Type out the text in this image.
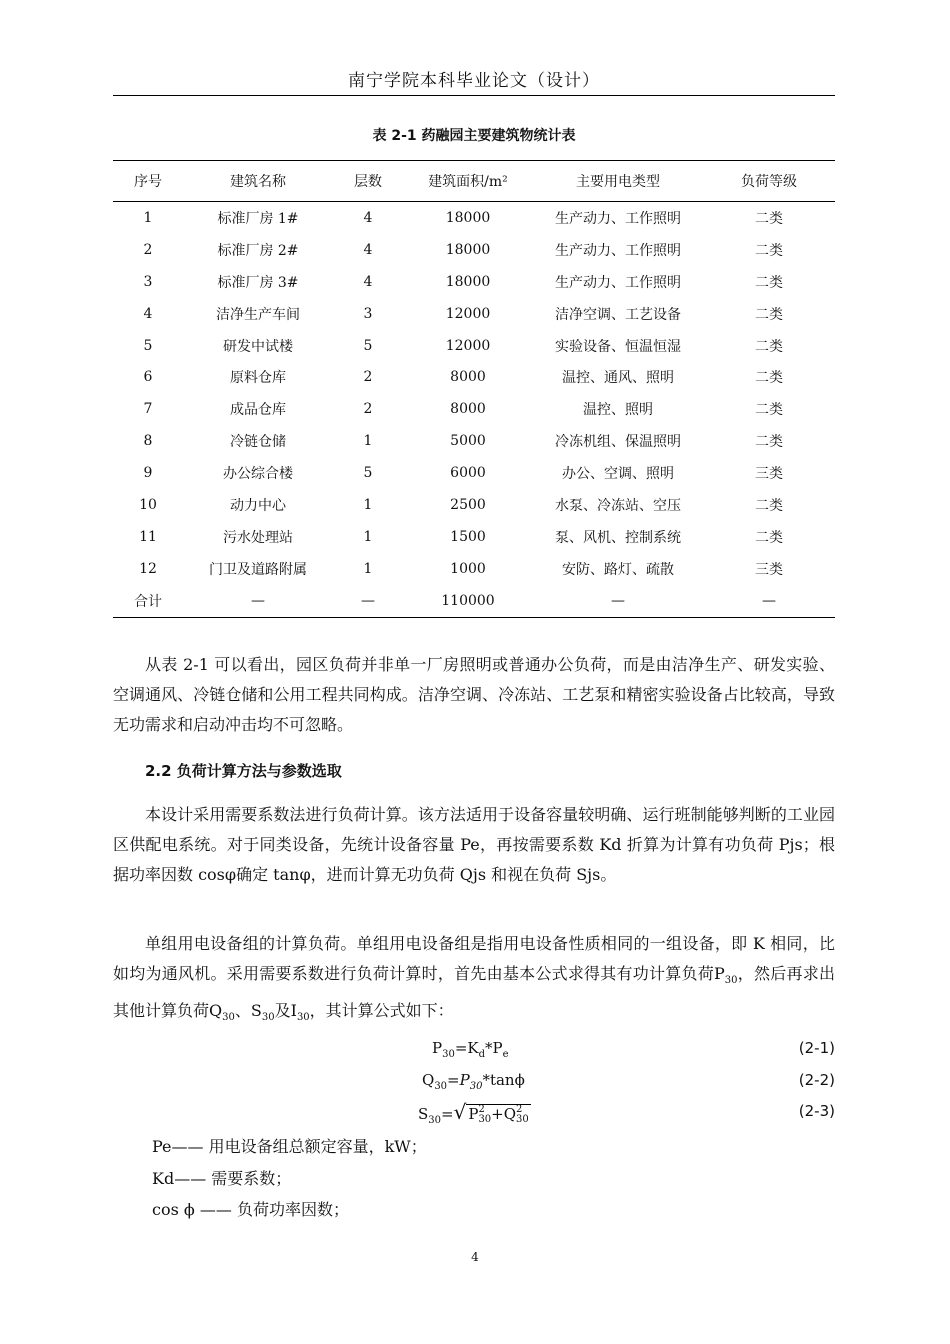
南宁学院本科毕业论文（设计）
表 2-1 药融园主要建筑物统计表
序号	建筑名称	层数	建筑面积/m²	主要用电类型	负荷等级
1	标准厂房 1#	4	18000	生产动力、工作照明	二类
2	标准厂房 2#	4	18000	生产动力、工作照明	二类
3	标准厂房 3#	4	18000	生产动力、工作照明	二类
4	洁净生产车间	3	12000	洁净空调、工艺设备	二类
5	研发中试楼	5	12000	实验设备、恒温恒湿	二类
6	原料仓库	2	8000	温控、通风、照明	二类
7	成品仓库	2	8000	温控、照明	二类
8	冷链仓储	1	5000	冷冻机组、保温照明	二类
9	办公综合楼	5	6000	办公、空调、照明	三类
10	动力中心	1	2500	水泵、冷冻站、空压	二类
11	污水处理站	1	1500	泵、风机、控制系统	二类
12	门卫及道路附属	1	1000	安防、路灯、疏散	三类
合计	—	—	110000	—	—

从表 2-1 可以看出，园区负荷并非单一厂房照明或普通办公负荷，而是由洁净生产、研发实验、空调通风、冷链仓储和公用工程共同构成。洁净空调、冷冻站、工艺泵和精密实验设备占比较高，导致无功需求和启动冲击均不可忽略。

2.2 负荷计算方法与参数选取

本设计采用需要系数法进行负荷计算。该方法适用于设备容量较明确、运行班制能够判断的工业园区供配电系统。对于同类设备，先统计设备容量 Pe，再按需要系数 Kd 折算为计算有功负荷 Pjs；根据功率因数 cosφ确定 tanφ，进而计算无功负荷 Qjs 和视在负荷 Sjs。

单组用电设备组的计算负荷。单组用电设备组是指用电设备性质相同的一组设备，即 K 相同，比如均为通风机。采用需要系数进行负荷计算时，首先由基本公式求得其有功计算负荷$P_{30}$，然后再求出其他计算负荷$Q_{30}$、$S_{30}$及$I_{30}$，其计算公式如下：

$P_{30}=K_d*P_e$	(2-1)
$Q_{30}=P_{30}*\tan\phi$	(2-2)
$S_{30}=√$ P 2
30 +Q 2
30	(2-3)
Pe—— 用电设备组总额定容量，kW；
Kd—— 需要系数；
cos ϕ —— 负荷功率因数；
4
